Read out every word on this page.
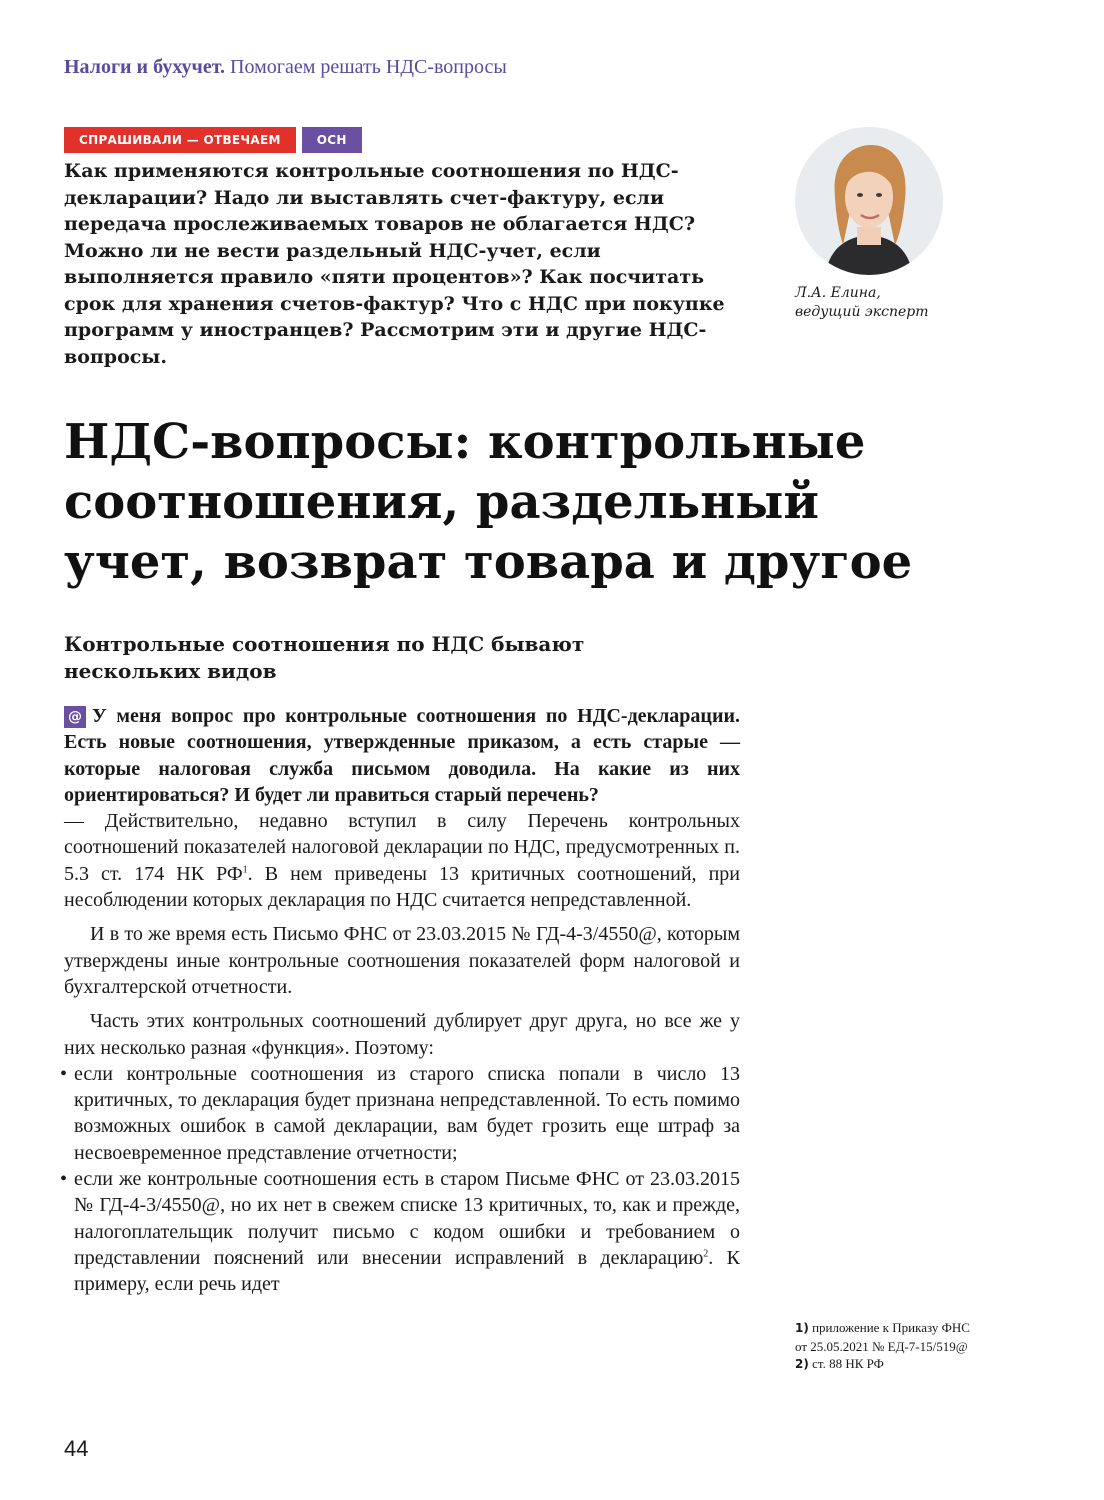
Налоги и бухучет. Помогаем решать НДС-вопросы
СПРАШИВАЛИ — ОТВЕЧАЕМ	ОСН

Как применяются контрольные соотношения по НДС-декларации? Надо ли выставлять счет-фактуру, если передача прослеживаемых товаров не облагается НДС? Можно ли не вести раздельный НДС-учет, если выполняется правило «пяти процентов»? Как посчитать срок для хранения счетов-фактур? Что с НДС при покупке программ у иностранцев? Рассмотрим эти и другие НДС-вопросы.

Л.А. Елина,
ведущий эксперт
НДС-вопросы: контрольные соотношения, раздельный учет, возврат товара и другое
Контрольные соотношения по НДС бывают нескольких видов

@ У меня вопрос про контрольные соотношения по НДС-декларации. Есть новые соотношения, утвержденные приказом, а есть старые — которые налоговая служба письмом доводила. На какие из них ориентироваться? И будет ли правиться старый перечень?

— Действительно, недавно вступил в силу Перечень контрольных соотношений показателей налоговой декларации по НДС, предусмотренных п. 5.3 ст. 174 НК $РФ^1$. В нем приведены 13 критичных соотношений, при несоблюдении которых декларация по НДС считается непредставленной.

И в то же время есть Письмо ФНС от 23.03.2015 № ГД-4-3/4550@, которым утверждены иные контрольные соотношения показателей форм налоговой и бухгалтерской отчетности.

Часть этих контрольных соотношений дублирует друг друга, но все же у них несколько разная «функция». Поэтому:

• если контрольные соотношения из старого списка попали в число 13 критичных, то декларация будет признана непредставленной. То есть помимо возможных ошибок в самой декларации, вам будет грозить еще штраф за несвоевременное представление отчетности;
• если же контрольные соотношения есть в старом Письме ФНС от 23.03.2015 № ГД-4-3/4550@, но их нет в свежем списке 13 критичных, то, как и прежде, налогоплательщик получит письмо с кодом ошибки и требованием о представлении пояснений или внесении исправлений в декларацию$^2$. К примеру, если речь идет
1) приложение к Приказу ФНС
от 25.05.2021 № ЕД-7-15/519@
2) ст. 88 НК РФ
44
